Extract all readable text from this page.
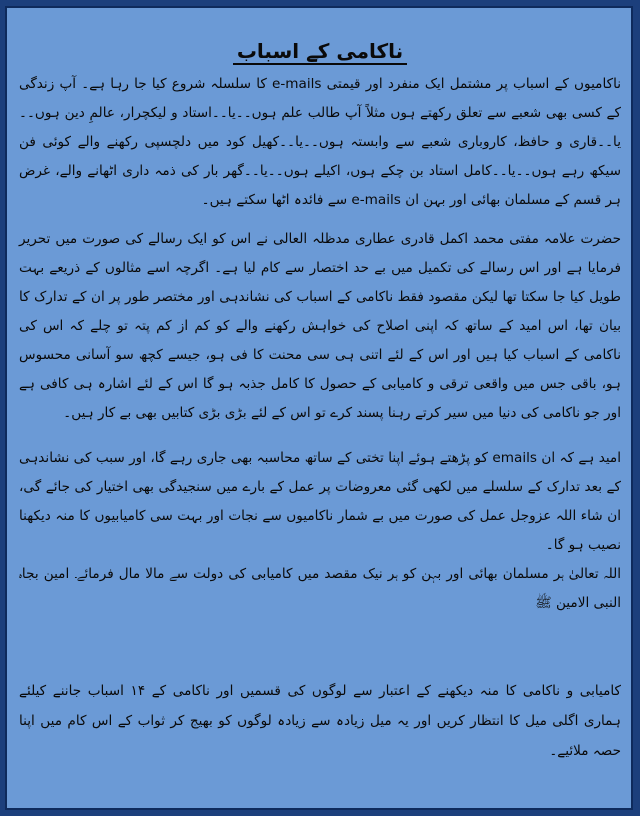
ناکامی کے اسباب

ناکامیوں کے اسباب پر مشتمل ایک منفرد اور قیمتی e-mails کا سلسلہ شروع کیا جا رہا ہے۔ آپ زندگی کے کسی بھی شعبے سے تعلق رکھتے ہوں مثلاً آپ طالب علم ہوں۔۔یا۔۔استاد و لیکچرار، عالمِ دین ہوں۔۔یا۔۔قاری و حافظ، کاروباری شعبے سے وابستہ ہوں۔۔یا۔۔کھیل کود میں دلچسپی رکھنے والے کوئی فن سیکھ رہے ہوں۔۔یا۔۔کامل استاد بن چکے ہوں، اکیلے ہوں۔۔یا۔۔گھر بار کی ذمہ داری اٹھانے والے، غرض ہر قسم کے مسلمان بھائی اور بہن ان e-mails سے فائدہ اٹھا سکتے ہیں۔

حضرت علامہ مفتی محمد اکمل قادری عطاری مدظلہ العالی نے اس کو ایک رسالے کی صورت میں تحریر فرمایا ہے اور اس رسالے کی تکمیل میں بے حد اختصار سے کام لیا ہے۔ اگرچہ اسے مثالوں کے ذریعے بہت طویل کیا جا سکتا تھا لیکن مقصود فقط ناکامی کے اسباب کی نشاندہی اور مختصر طور پر ان کے تدارک کا بیان تھا، اس امید کے ساتھ کہ اپنی اصلاح کی خواہش رکھنے والے کو کم از کم پتہ تو چلے کہ اس کی ناکامی کے اسباب کیا ہیں اور اس کے لئے اتنی ہی سی محنت کا فی ہو، جیسے کچھ سو آسانی محسوس ہو، باقی جس میں واقعی ترقی و کامیابی کے حصول کا کامل جذبہ ہو گا اس کے لئے اشارہ ہی کافی ہے اور جو ناکامی کی دنیا میں سیر کرتے رہنا پسند کرے تو اس کے لئے بڑی بڑی کتابیں بھی بے کار ہیں۔

امید ہے کہ ان emails کو پڑھتے ہوئے اپنا تختی کے ساتھ محاسبہ بھی جاری رہے گا، اور سبب کی نشاندہی کے بعد تدارک کے سلسلے میں لکھی گئی معروضات پر عمل کے بارے میں سنجیدگی بھی اختیار کی جائے گی، ان شاء اللہ عزوجل عمل کی صورت میں بے شمار ناکامیوں سے نجات اور بہت سی کامیابیوں کا منہ دیکھنا نصیب ہو گا۔

اللہ تعالیٰ ہر مسلمان بھائی اور بہن کو ہر نیک مقصد میں کامیابی کی دولت سے مالا مال فرمائے۔ امین بجاہ النبی الامین ﷺ

کامیابی و ناکامی کا منہ دیکھنے کے اعتبار سے لوگوں کی قسمیں اور ناکامی کے ۱۴ اسباب جاننے کیلئے ہماری اگلی میل کا انتظار کریں اور یہ میل زیادہ سے زیادہ لوگوں کو بھیج کر ثواب کے اس کام میں اپنا حصہ ملائیے۔
